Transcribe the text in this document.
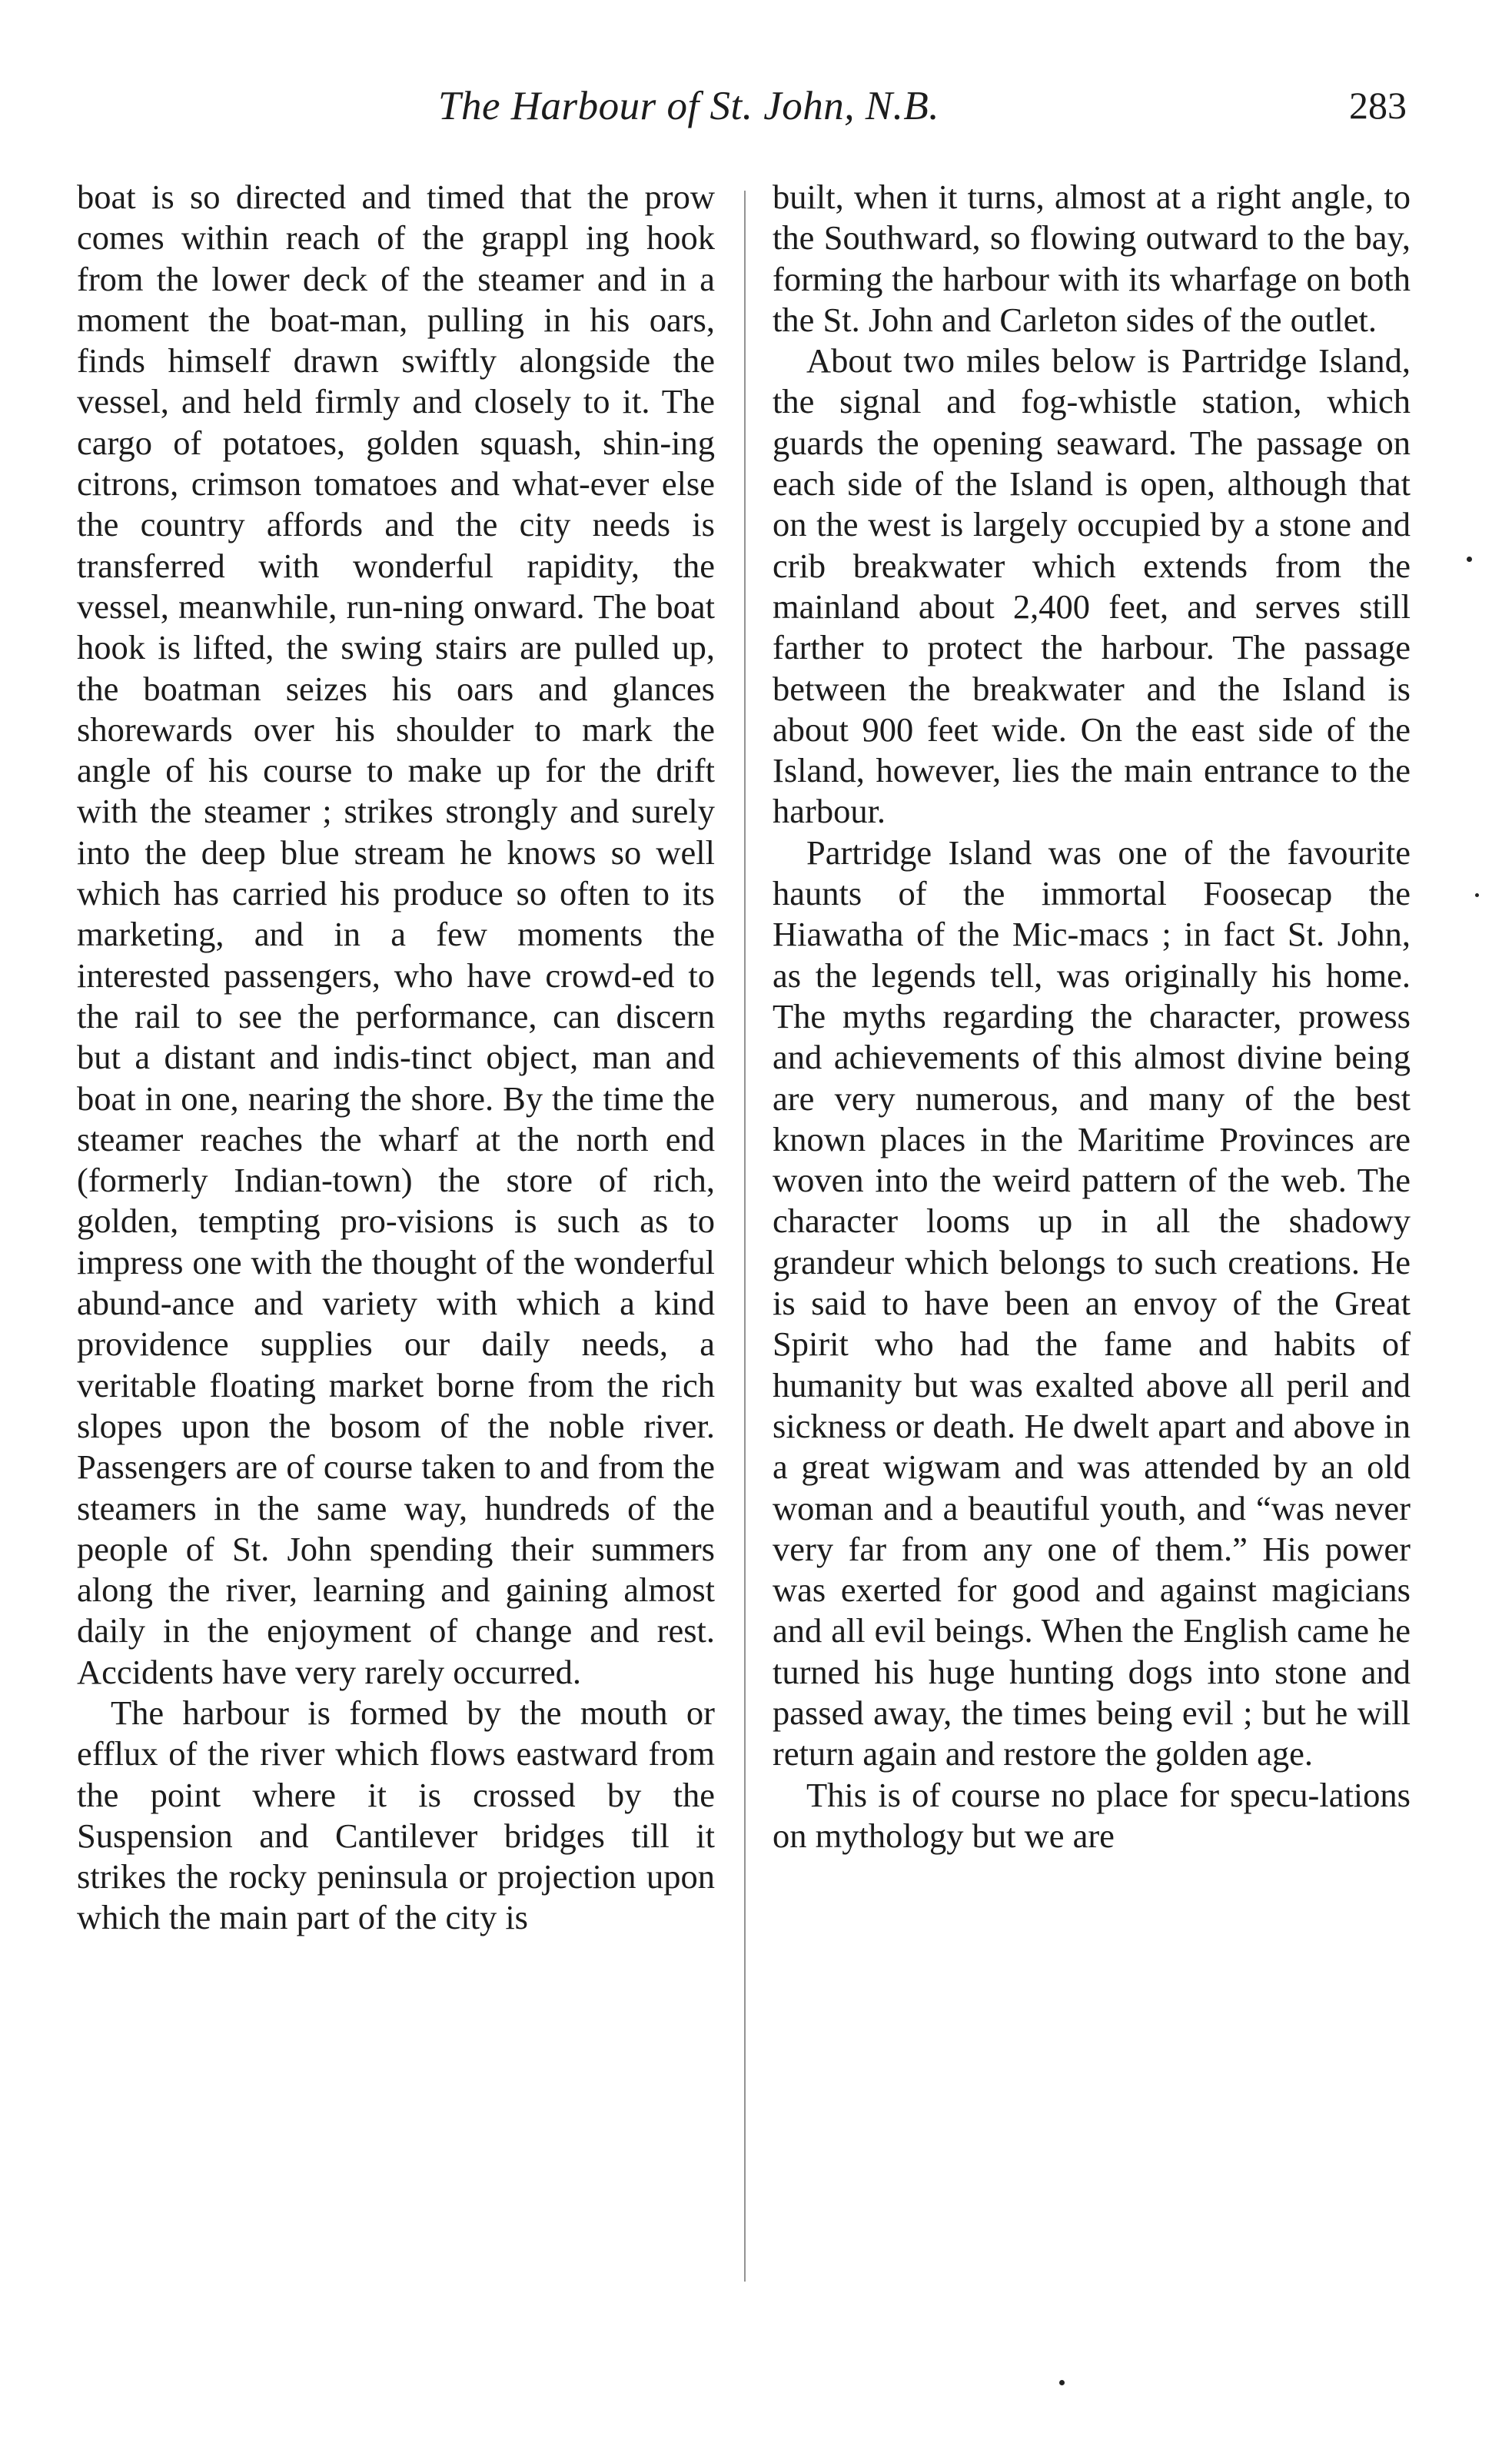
The Harbour of St. John, N.B.	283

boat is so directed and timed that the prow comes within reach of the grappl ing hook from the lower deck of the steamer and in a moment the boat-man, pulling in his oars, finds himself drawn swiftly alongside the vessel, and held firmly and closely to it. The cargo of potatoes, golden squash, shin-ing citrons, crimson tomatoes and what-ever else the country affords and the city needs is transferred with wonderful rapidity, the vessel, meanwhile, run-ning onward. The boat hook is lifted, the swing stairs are pulled up, the boatman seizes his oars and glances shorewards over his shoulder to mark the angle of his course to make up for the drift with the steamer ; strikes strongly and surely into the deep blue stream he knows so well which has carried his produce so often to its marketing, and in a few moments the interested passengers, who have crowd-ed to the rail to see the performance, can discern but a distant and indis-tinct object, man and boat in one, nearing the shore. By the time the steamer reaches the wharf at the north end (formerly Indian-town) the store of rich, golden, tempting pro-visions is such as to impress one with the thought of the wonderful abund-ance and variety with which a kind providence supplies our daily needs, a veritable floating market borne from the rich slopes upon the bosom of the noble river. Passengers are of course taken to and from the steamers in the same way, hundreds of the people of St. John spending their summers along the river, learning and gaining almost daily in the enjoyment of change and rest. Accidents have very rarely occurred.

The harbour is formed by the mouth or efflux of the river which flows eastward from the point where it is crossed by the Suspension and Cantilever bridges till it strikes the rocky peninsula or projection upon which the main part of the city is

built, when it turns, almost at a right angle, to the Southward, so flowing outward to the bay, forming the harbour with its wharfage on both the St. John and Carleton sides of the outlet.

About two miles below is Partridge Island, the signal and fog-whistle station, which guards the opening seaward. The passage on each side of the Island is open, although that on the west is largely occupied by a stone and crib breakwater which extends from the mainland about 2,400 feet, and serves still farther to protect the harbour. The passage between the breakwater and the Island is about 900 feet wide. On the east side of the Island, however, lies the main entrance to the harbour.

Partridge Island was one of the favourite haunts of the immortal Foosecap the Hiawatha of the Mic-macs ; in fact St. John, as the legends tell, was originally his home. The myths regarding the character, prowess and achievements of this almost divine being are very numerous, and many of the best known places in the Maritime Provinces are woven into the weird pattern of the web. The character looms up in all the shadowy grandeur which belongs to such creations. He is said to have been an envoy of the Great Spirit who had the fame and habits of humanity but was exalted above all peril and sickness or death. He dwelt apart and above in a great wigwam and was attended by an old woman and a beautiful youth, and “was never very far from any one of them.” His power was exerted for good and against magicians and all evil beings. When the English came he turned his huge hunting dogs into stone and passed away, the times being evil ; but he will return again and restore the golden age.

This is of course no place for specu-lations on mythology but we are
